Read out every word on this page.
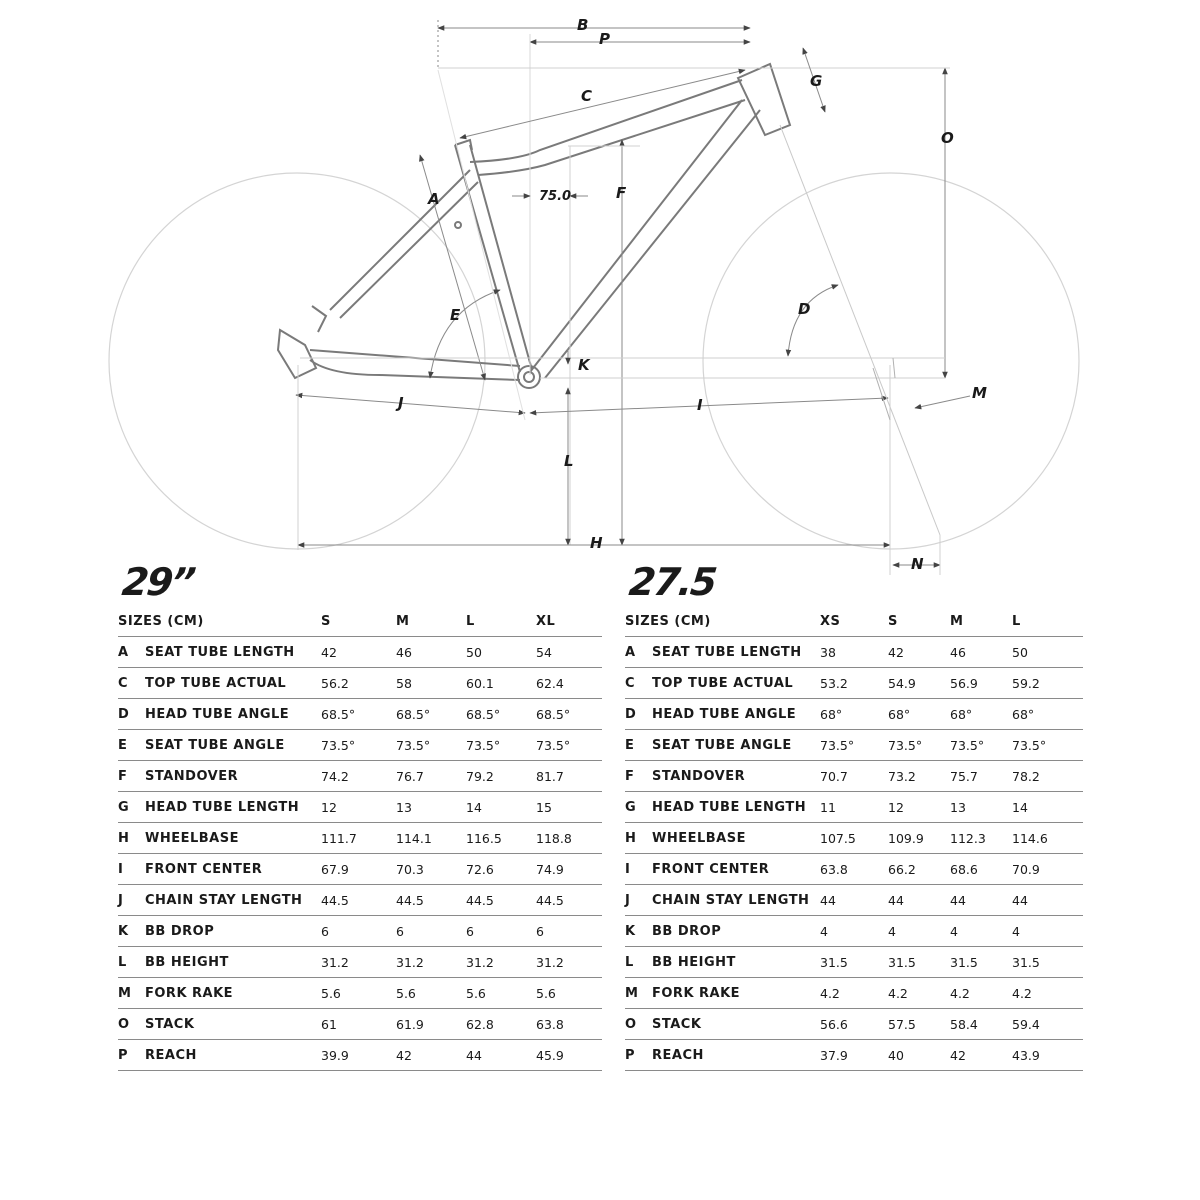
B
P
C
G
O
A	75.0	F
D
E
K
J	I
M
L
H
N
29”
SIZES (CM)		S	M	L	XL
A	SEAT TUBE LENGTH	42	46	50	54
C	TOP TUBE ACTUAL	56.2	58	60.1	62.4
D	HEAD TUBE ANGLE	68.5°	68.5°	68.5°	68.5°
E	SEAT TUBE ANGLE	73.5°	73.5°	73.5°	73.5°
F	STANDOVER	74.2	76.7	79.2	81.7
G	HEAD TUBE LENGTH	12	13	14	15
H	WHEELBASE	111.7	114.1	116.5	118.8
I	FRONT CENTER	67.9	70.3	72.6	74.9
J	CHAIN STAY LENGTH	44.5	44.5	44.5	44.5
K	BB DROP	6	6	6	6
L	BB HEIGHT	31.2	31.2	31.2	31.2
M	FORK RAKE	5.6	5.6	5.6	5.6
O	STACK	61	61.9	62.8	63.8
P	REACH	39.9	42	44	45.9
27.5
SIZES (CM)		XS	S	M	L
A	SEAT TUBE LENGTH	38	42	46	50
C	TOP TUBE ACTUAL	53.2	54.9	56.9	59.2
D	HEAD TUBE ANGLE	68°	68°	68°	68°
E	SEAT TUBE ANGLE	73.5°	73.5°	73.5°	73.5°
F	STANDOVER	70.7	73.2	75.7	78.2
G	HEAD TUBE LENGTH	11	12	13	14
H	WHEELBASE	107.5	109.9	112.3	114.6
I	FRONT CENTER	63.8	66.2	68.6	70.9
J	CHAIN STAY LENGTH	44	44	44	44
K	BB DROP	4	4	4	4
L	BB HEIGHT	31.5	31.5	31.5	31.5
M	FORK RAKE	4.2	4.2	4.2	4.2
O	STACK	56.6	57.5	58.4	59.4
P	REACH	37.9	40	42	43.9
